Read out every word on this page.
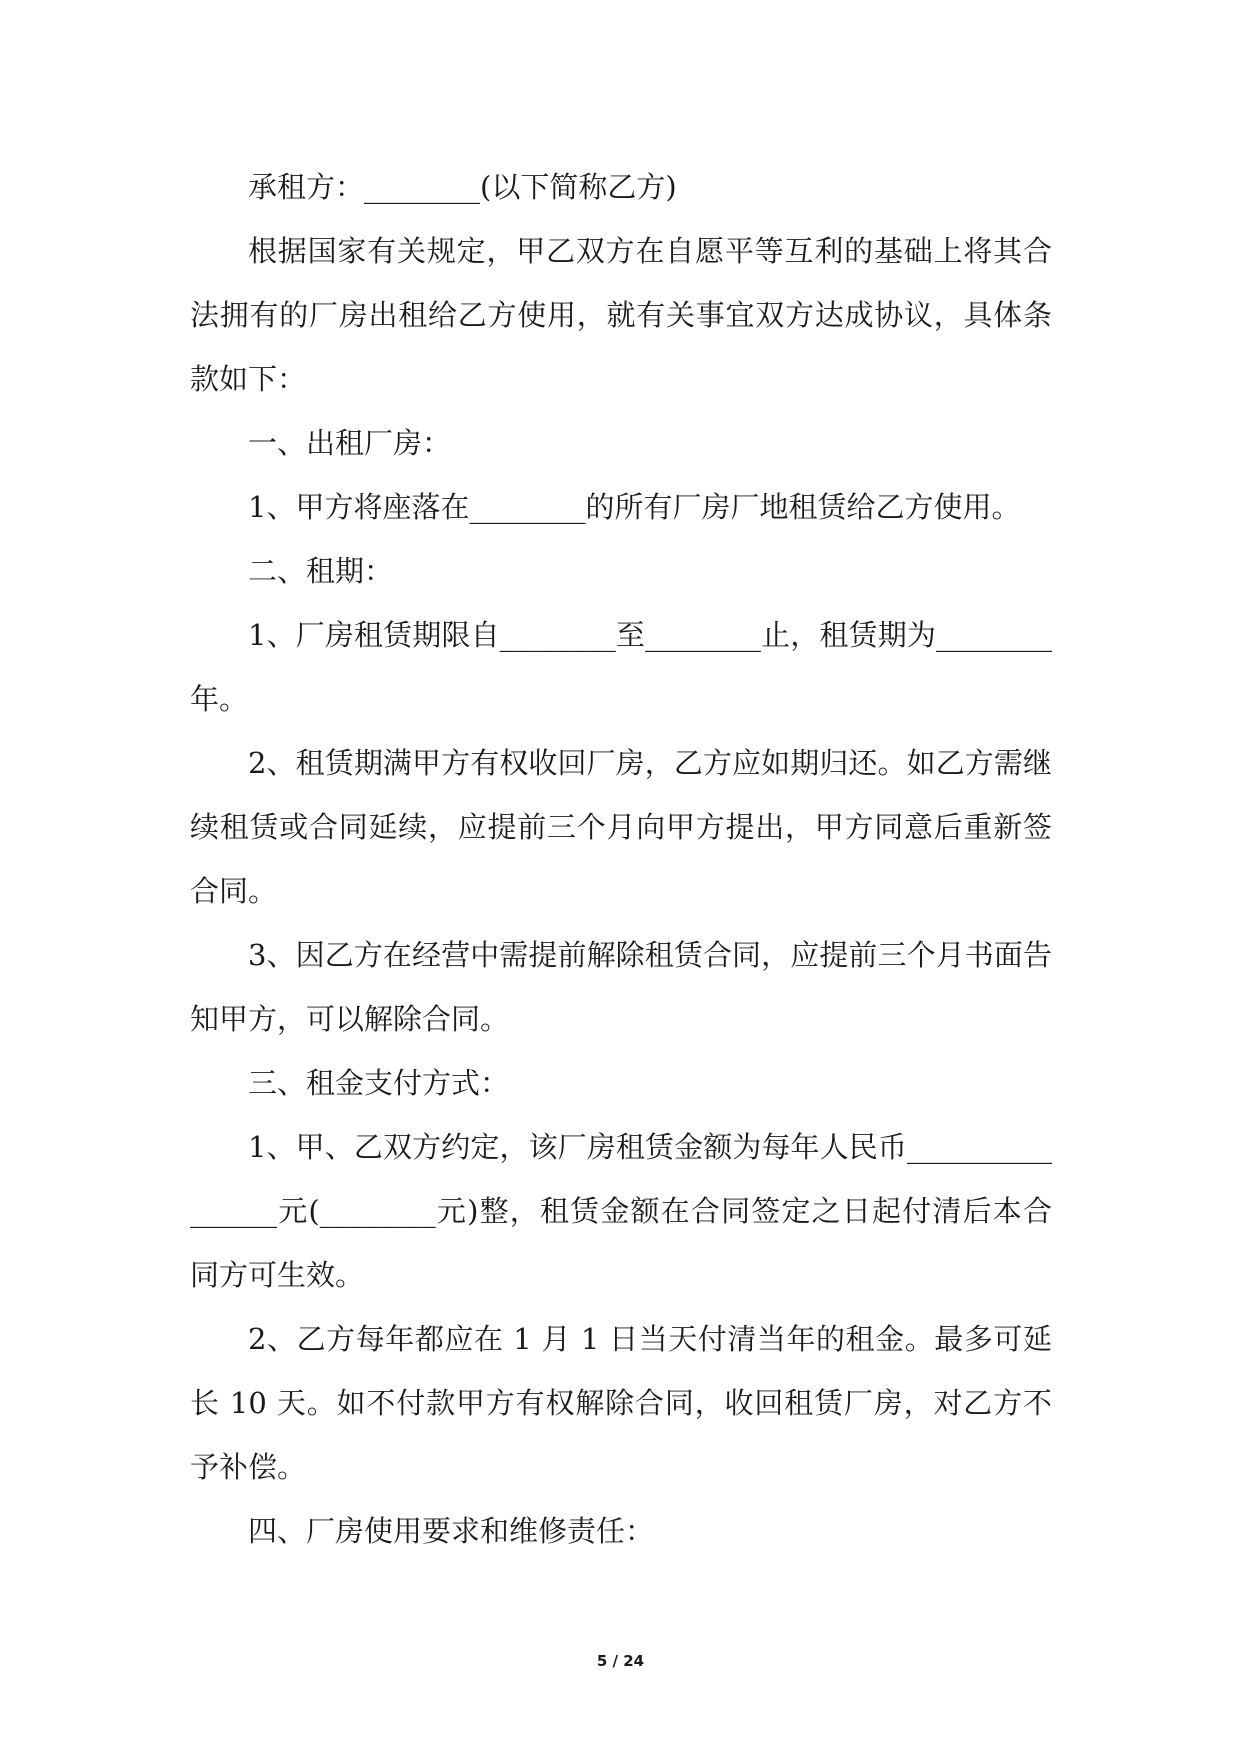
承租方：________(以下简称乙方)

根据国家有关规定，甲乙双方在自愿平等互利的基础上将其合法拥有的厂房出租给乙方使用，就有关事宜双方达成协议，具体条款如下：

一、出租厂房：

1、甲方将座落在________的所有厂房厂地租赁给乙方使用。

二、租期：

1、厂房租赁期限自________至________止，租赁期为________年。

2、租赁期满甲方有权收回厂房，乙方应如期归还。如乙方需继续租赁或合同延续，应提前三个月向甲方提出，甲方同意后重新签合同。

3、因乙方在经营中需提前解除租赁合同，应提前三个月书面告知甲方，可以解除合同。

三、租金支付方式：

1、甲、乙双方约定，该厂房租赁金额为每年人民币________________元(________元)整，租赁金额在合同签定之日起付清后本合同方可生效。

2、乙方每年都应在 1 月 1 日当天付清当年的租金。最多可延长 10 天。如不付款甲方有权解除合同，收回租赁厂房，对乙方不予补偿。

四、厂房使用要求和维修责任：

5 / 24
